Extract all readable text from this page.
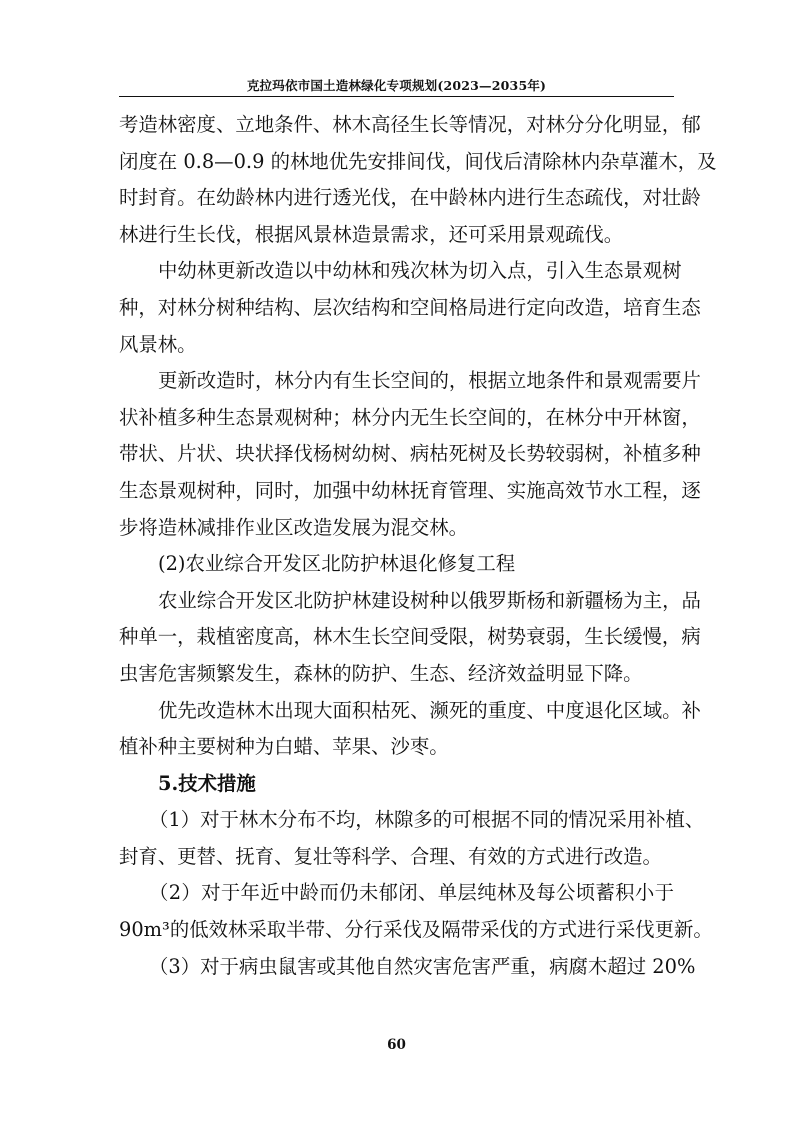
克拉玛依市国土造林绿化专项规划(2023—2035年)
考造林密度、立地条件、林木高径生长等情况，对林分分化明显，郁
闭度在 0.8—0.9 的林地优先安排间伐，间伐后清除林内杂草灌木，及
时封育。在幼龄林内进行透光伐，在中龄林内进行生态疏伐，对壮龄
林进行生长伐，根据风景林造景需求，还可采用景观疏伐。
中幼林更新改造以中幼林和残次林为切入点，引入生态景观树
种，对林分树种结构、层次结构和空间格局进行定向改造，培育生态
风景林。
更新改造时，林分内有生长空间的，根据立地条件和景观需要片
状补植多种生态景观树种；林分内无生长空间的，在林分中开林窗，
带状、片状、块状择伐杨树幼树、病枯死树及长势较弱树，补植多种
生态景观树种，同时，加强中幼林抚育管理、实施高效节水工程，逐
步将造林减排作业区改造发展为混交林。
(2)农业综合开发区北防护林退化修复工程
农业综合开发区北防护林建设树种以俄罗斯杨和新疆杨为主，品
种单一，栽植密度高，林木生长空间受限，树势衰弱，生长缓慢，病
虫害危害频繁发生，森林的防护、生态、经济效益明显下降。
优先改造林木出现大面积枯死、濒死的重度、中度退化区域。补
植补种主要树种为白蜡、苹果、沙枣。
5.技术措施
（1）对于林木分布不均，林隙多的可根据不同的情况采用补植、
封育、更替、抚育、复壮等科学、合理、有效的方式进行改造。
（2）对于年近中龄而仍未郁闭、单层纯林及每公顷蓄积小于
90m³的低效林采取半带、分行采伐及隔带采伐的方式进行采伐更新。
（3）对于病虫鼠害或其他自然灾害危害严重，病腐木超过 20%
60
